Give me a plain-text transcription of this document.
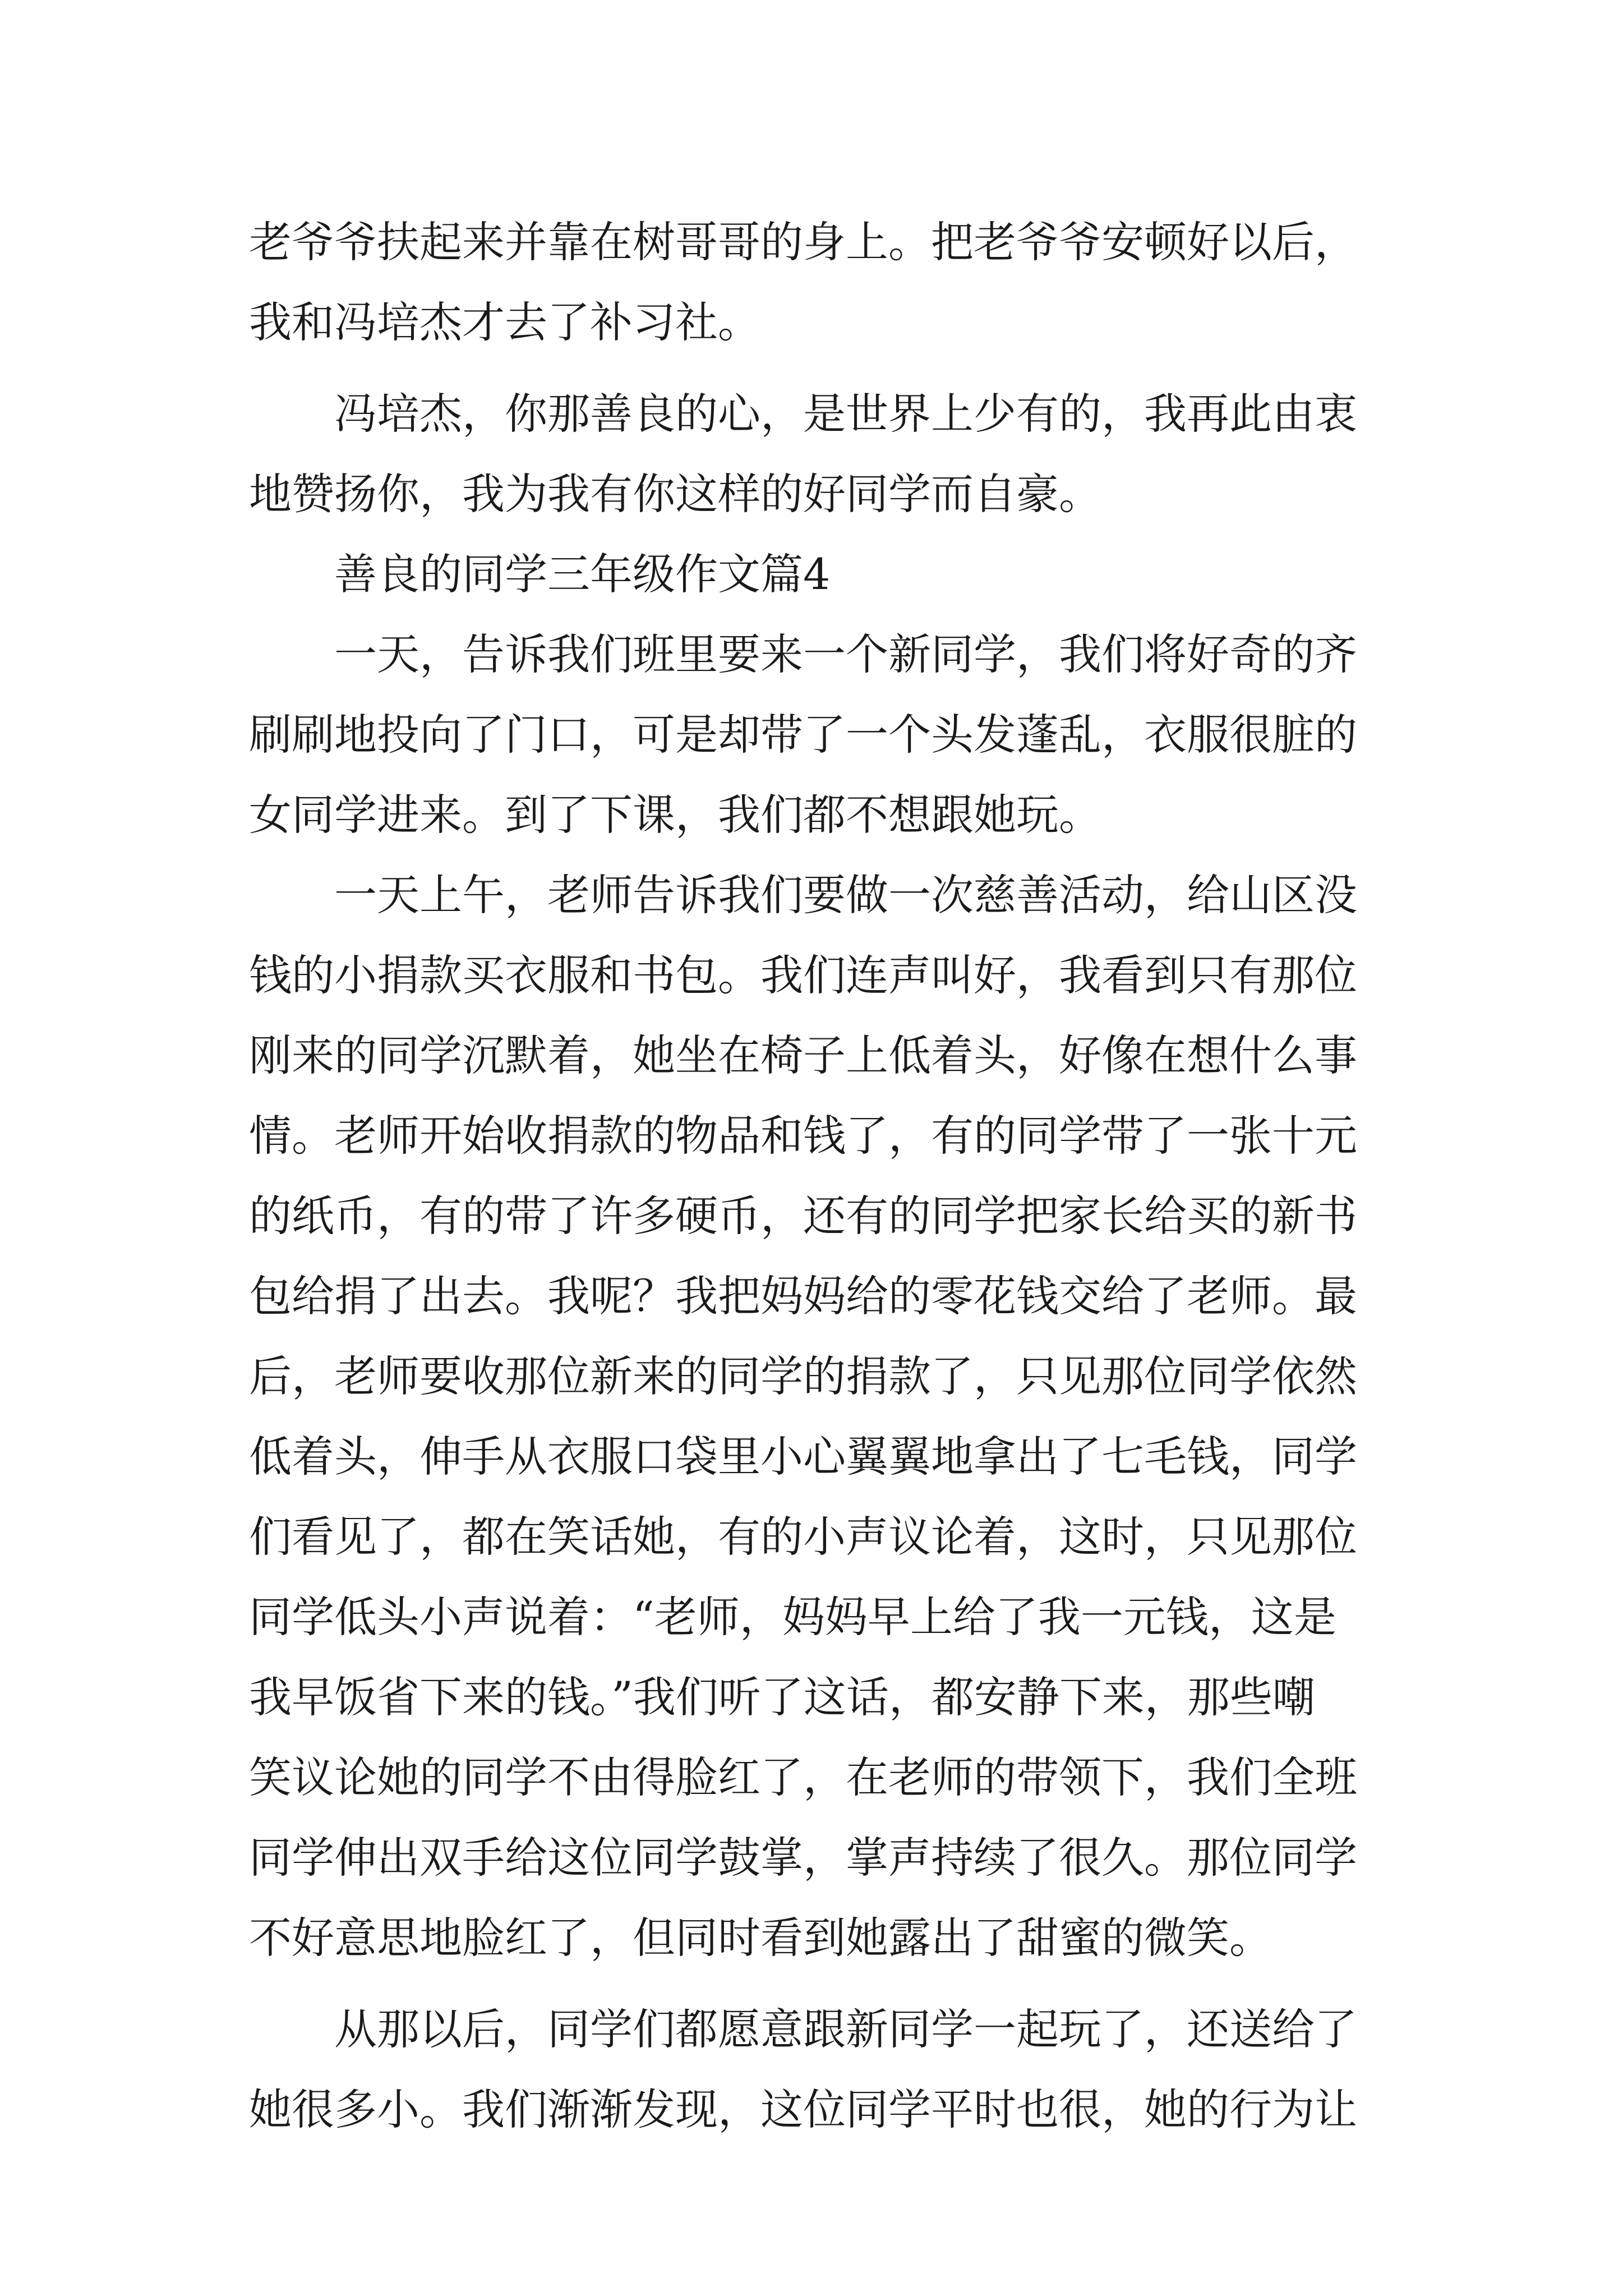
老爷爷扶起来并靠在树哥哥的身上。把老爷爷安顿好以后，
我和冯培杰才去了补习社。
　　冯培杰，你那善良的心，是世界上少有的，我再此由衷
地赞扬你，我为我有你这样的好同学而自豪。
　　善良的同学三年级作文篇4
　　一天，告诉我们班里要来一个新同学，我们将好奇的齐
刷刷地投向了门口，可是却带了一个头发蓬乱，衣服很脏的
女同学进来。到了下课，我们都不想跟她玩。
　　一天上午，老师告诉我们要做一次慈善活动，给山区没
钱的小捐款买衣服和书包。我们连声叫好，我看到只有那位
刚来的同学沉默着，她坐在椅子上低着头，好像在想什么事
情。老师开始收捐款的物品和钱了，有的同学带了一张十元
的纸币，有的带了许多硬币，还有的同学把家长给买的新书
包给捐了出去。我呢？我把妈妈给的零花钱交给了老师。最
后，老师要收那位新来的同学的捐款了，只见那位同学依然
低着头，伸手从衣服口袋里小心翼翼地拿出了七毛钱，同学
们看见了，都在笑话她，有的小声议论着，这时，只见那位
同学低头小声说着：“老师，妈妈早上给了我一元钱，这是
我早饭省下来的钱。”我们听了这话，都安静下来，那些嘲
笑议论她的同学不由得脸红了，在老师的带领下，我们全班
同学伸出双手给这位同学鼓掌，掌声持续了很久。那位同学
不好意思地脸红了，但同时看到她露出了甜蜜的微笑。
　　从那以后，同学们都愿意跟新同学一起玩了，还送给了
她很多小。我们渐渐发现，这位同学平时也很，她的行为让
